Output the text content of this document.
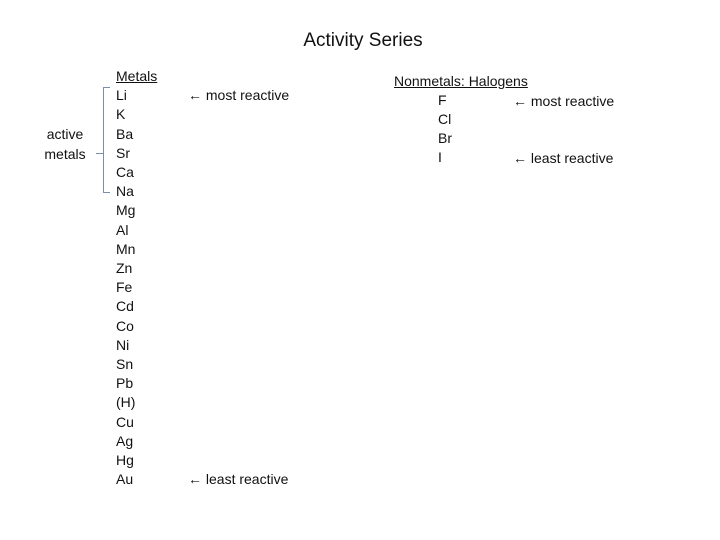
Activity Series
active metals
Metals
Li
K
Ba
Sr
Ca
Na
Mg
Al
Mn
Zn
Fe
Cd
Co
Ni
Sn
Pb
(H)
Cu
Ag
Hg
Au
← most reactive
← least reactive
Nonmetals: Halogens
F
Cl
Br
I
← most reactive
← least reactive
